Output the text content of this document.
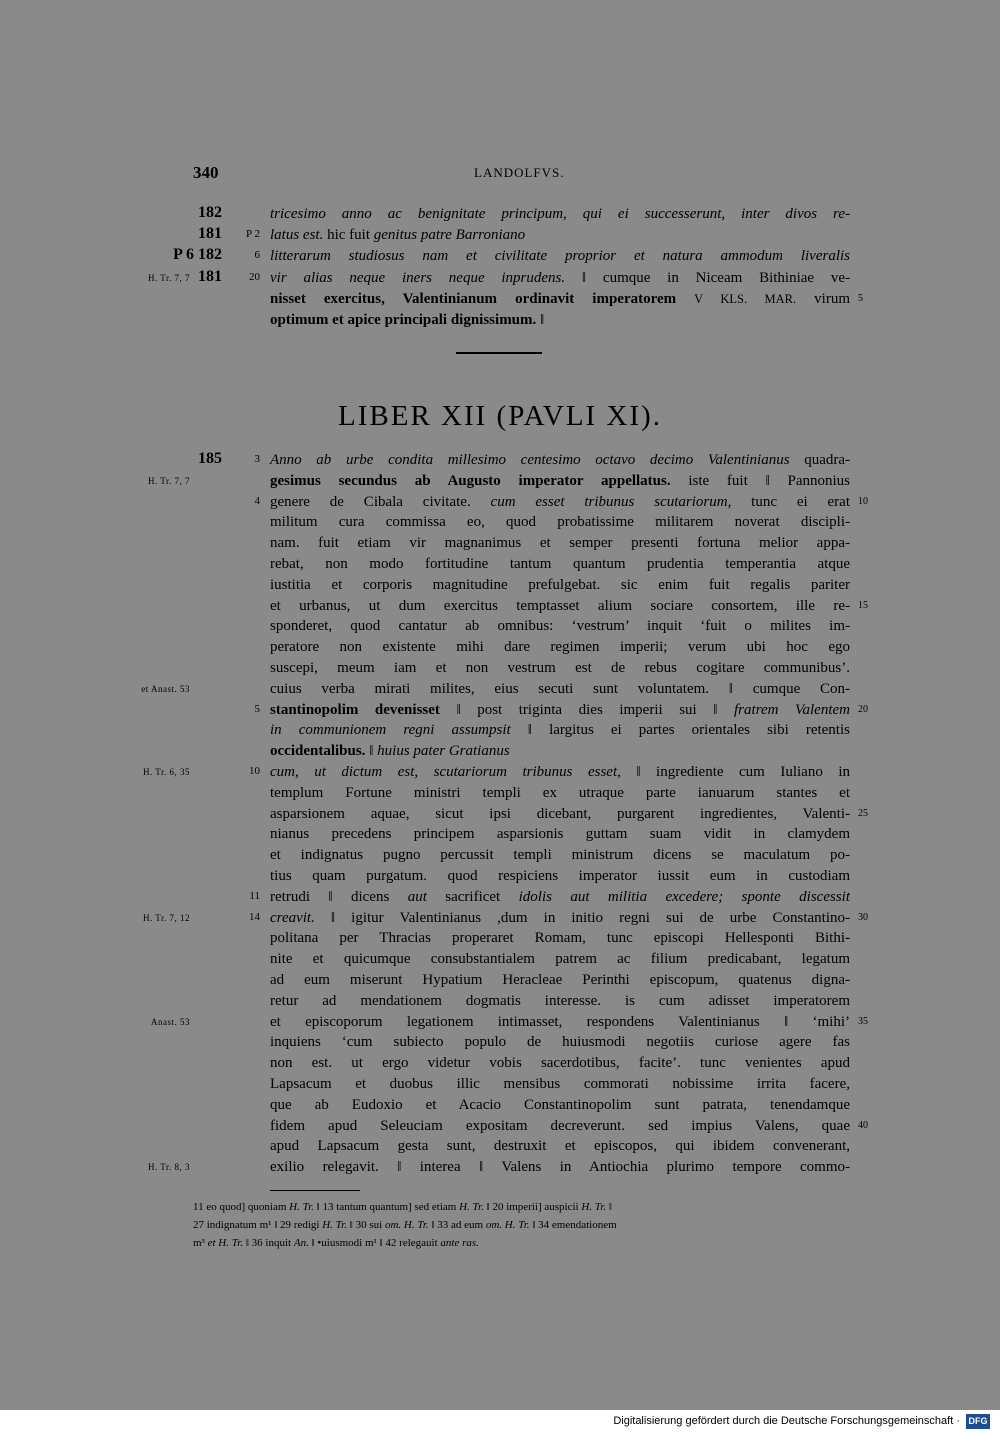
340	LANDOLFVS.
182	tricesimo anno ac benignitate principum, qui ei successerunt, inter divos re-
181	P 2 latus est. hic fuit genitus patre Barroniano
P 6 182	6 litterarum studiosus nam et civilitate proprior et natura ammodum liveralis
H. Tr. 7, 7 181	20 vir alias neque iners neque inprudens. ‖ cumque in Niceam Bithiniae ve-
nisset exercitus, Valentinianum ordinavit imperatorem V KLS. MAR. virum 5
optimum et apice principali dignissimum. ‖
LIBER XII (PAVLI XI).
185	3 Anno ab urbe condita millesimo centesimo octavo decimo Valentinianus quadra-
H. Tr. 7, 7	gesimus secundus ab Augusto imperator appellatus. iste fuit ‖ Pannonius
4 genere de Cibala civitate. cum esset tribunus scutariorum, tunc ei erat 10
militum cura commissa eo, quod probatissime militarem noverat discipli-
nam. fuit etiam vir magnanimus et semper presenti fortuna melior appa-
rebat, non modo fortitudine tantum quantum prudentia temperantia atque
iustitia et corporis magnitudine prefulgebat. sic enim fuit regalis pariter
et urbanus, ut dum exercitus temptasset alium sociare consortem, ille re- 15
sponderet, quod cantatur ab omnibus: ‘vestrum’ inquit ‘fuit o milites im-
peratore non existente mihi dare regimen imperii; verum ubi hoc ego
suscepi, meum iam et non vestrum est de rebus cogitare communibus’.
et Anast. 53	cuius verba mirati milites, eius secuti sunt voluntatem. ‖ cumque Con-
5 stantinopolim devenisset ‖ post triginta dies imperii sui ‖ fratrem Valentem 20
in communionem regni assumpsit ‖ largitus ei partes orientales sibi retentis
occidentalibus. ‖ huius pater Gratianus
H. Tr. 6, 35	10 cum, ut dictum est, scutariorum tribunus esset, ‖ ingrediente cum Iuliano in
templum Fortune ministri templi ex utraque parte ianuarum stantes et
asparsionem aquae, sicut ipsi dicebant, purgarent ingredientes, Valenti- 25
nianus precedens principem asparsionis guttam suam vidit in clamydem
et indignatus pugno percussit templi ministrum dicens se maculatum po-
tius quam purgatum. quod respiciens imperator iussit eum in custodiam
11 retrudi ‖ dicens aut sacrificet idolis aut militia excedere; sponte discessit
H. Tr. 7, 12	14 creavit. ‖ igitur Valentinianus ,dum in initio regni sui de urbe Constantino- 30
politana per Thracias properaret Romam, tunc episcopi Hellesponti Bithi-
nite et quicumque consubstantialem patrem ac filium predicabant, legatum
ad eum miserunt Hypatium Heracleae Perinthi episcopum, quatenus digna-
retur ad mendationem dogmatis interesse. is cum adisset imperatorem
Anast. 53	et episcoporum legationem intimasset, respondens Valentinianus ‖ ‘mihi’ 35
inquiens ‘cum subiecto populo de huiusmodi negotiis curiose agere fas
non est. ut ergo videtur vobis sacerdotibus, facite’. tunc venientes apud
Lapsacum et duobus illic mensibus commorati nobissime irrita facere,
que ab Eudoxio et Acacio Constantinopolim sunt patrata, tenendamque
fidem apud Seleuciam expositam decreverunt. sed impius Valens, quae 40
apud Lapsacum gesta sunt, destruxit et episcopos, qui ibidem convenerant,
H. Tr. 8, 3	exilio relegavit. ‖ interea ‖ Valens in Antiochia plurimo tempore commo-
11 eo quod] quoniam H. Tr. ‖ 13 tantum quantum] sed etiam H. Tr. ‖ 20 imperii] auspicii H. Tr. ‖
27 indignatum m¹ ‖ 29 redigi H. Tr. ‖ 30 sui om. H. Tr. ‖ 33 ad eum om. H. Tr. ‖ 34 emendationem
m³ et H. Tr. ‖ 36 inquit An. ‖ •uiusmodi m¹ ‖ 42 relegauit ante ras.
Digitalisierung gefördert durch die Deutsche Forschungsgemeinschaft · DFG
